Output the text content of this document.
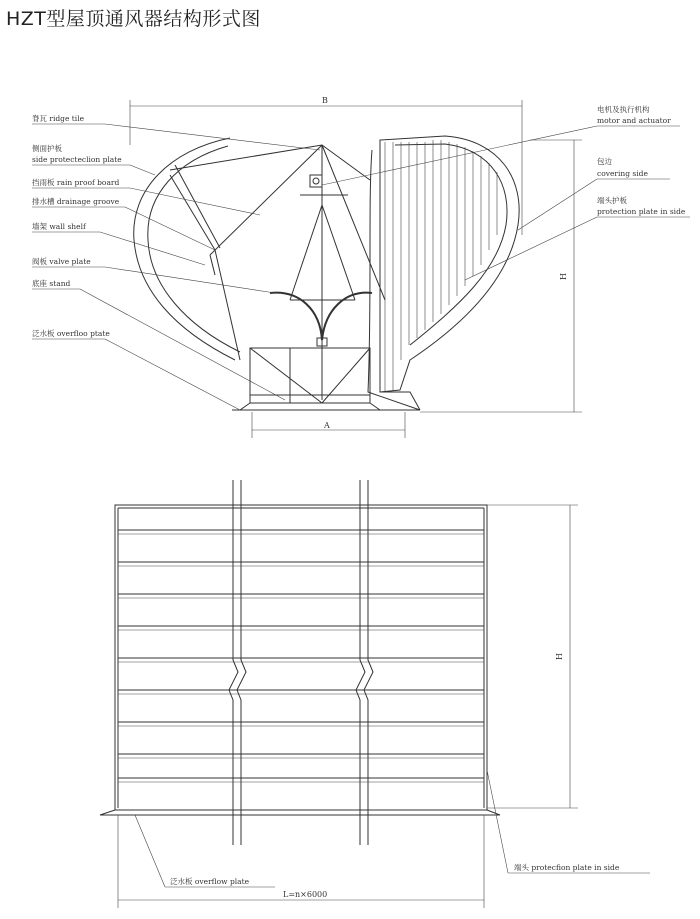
HZT型屋顶通风器结构形式图
B
A
H
脊瓦 ridge tile
侧面护板
side protecteclion plate
挡雨板 rain proof board
排水槽 drainage groove
墙架 wall shelf
阀板 valve plate
底座 stand
泛水板 overfloo ptate
电机及执行机构
motor and actuator
包边
covering side
端头护板
protection plate in side
H
L=n×6000
泛水板 overflow plate
端头 protecfion plate in side
